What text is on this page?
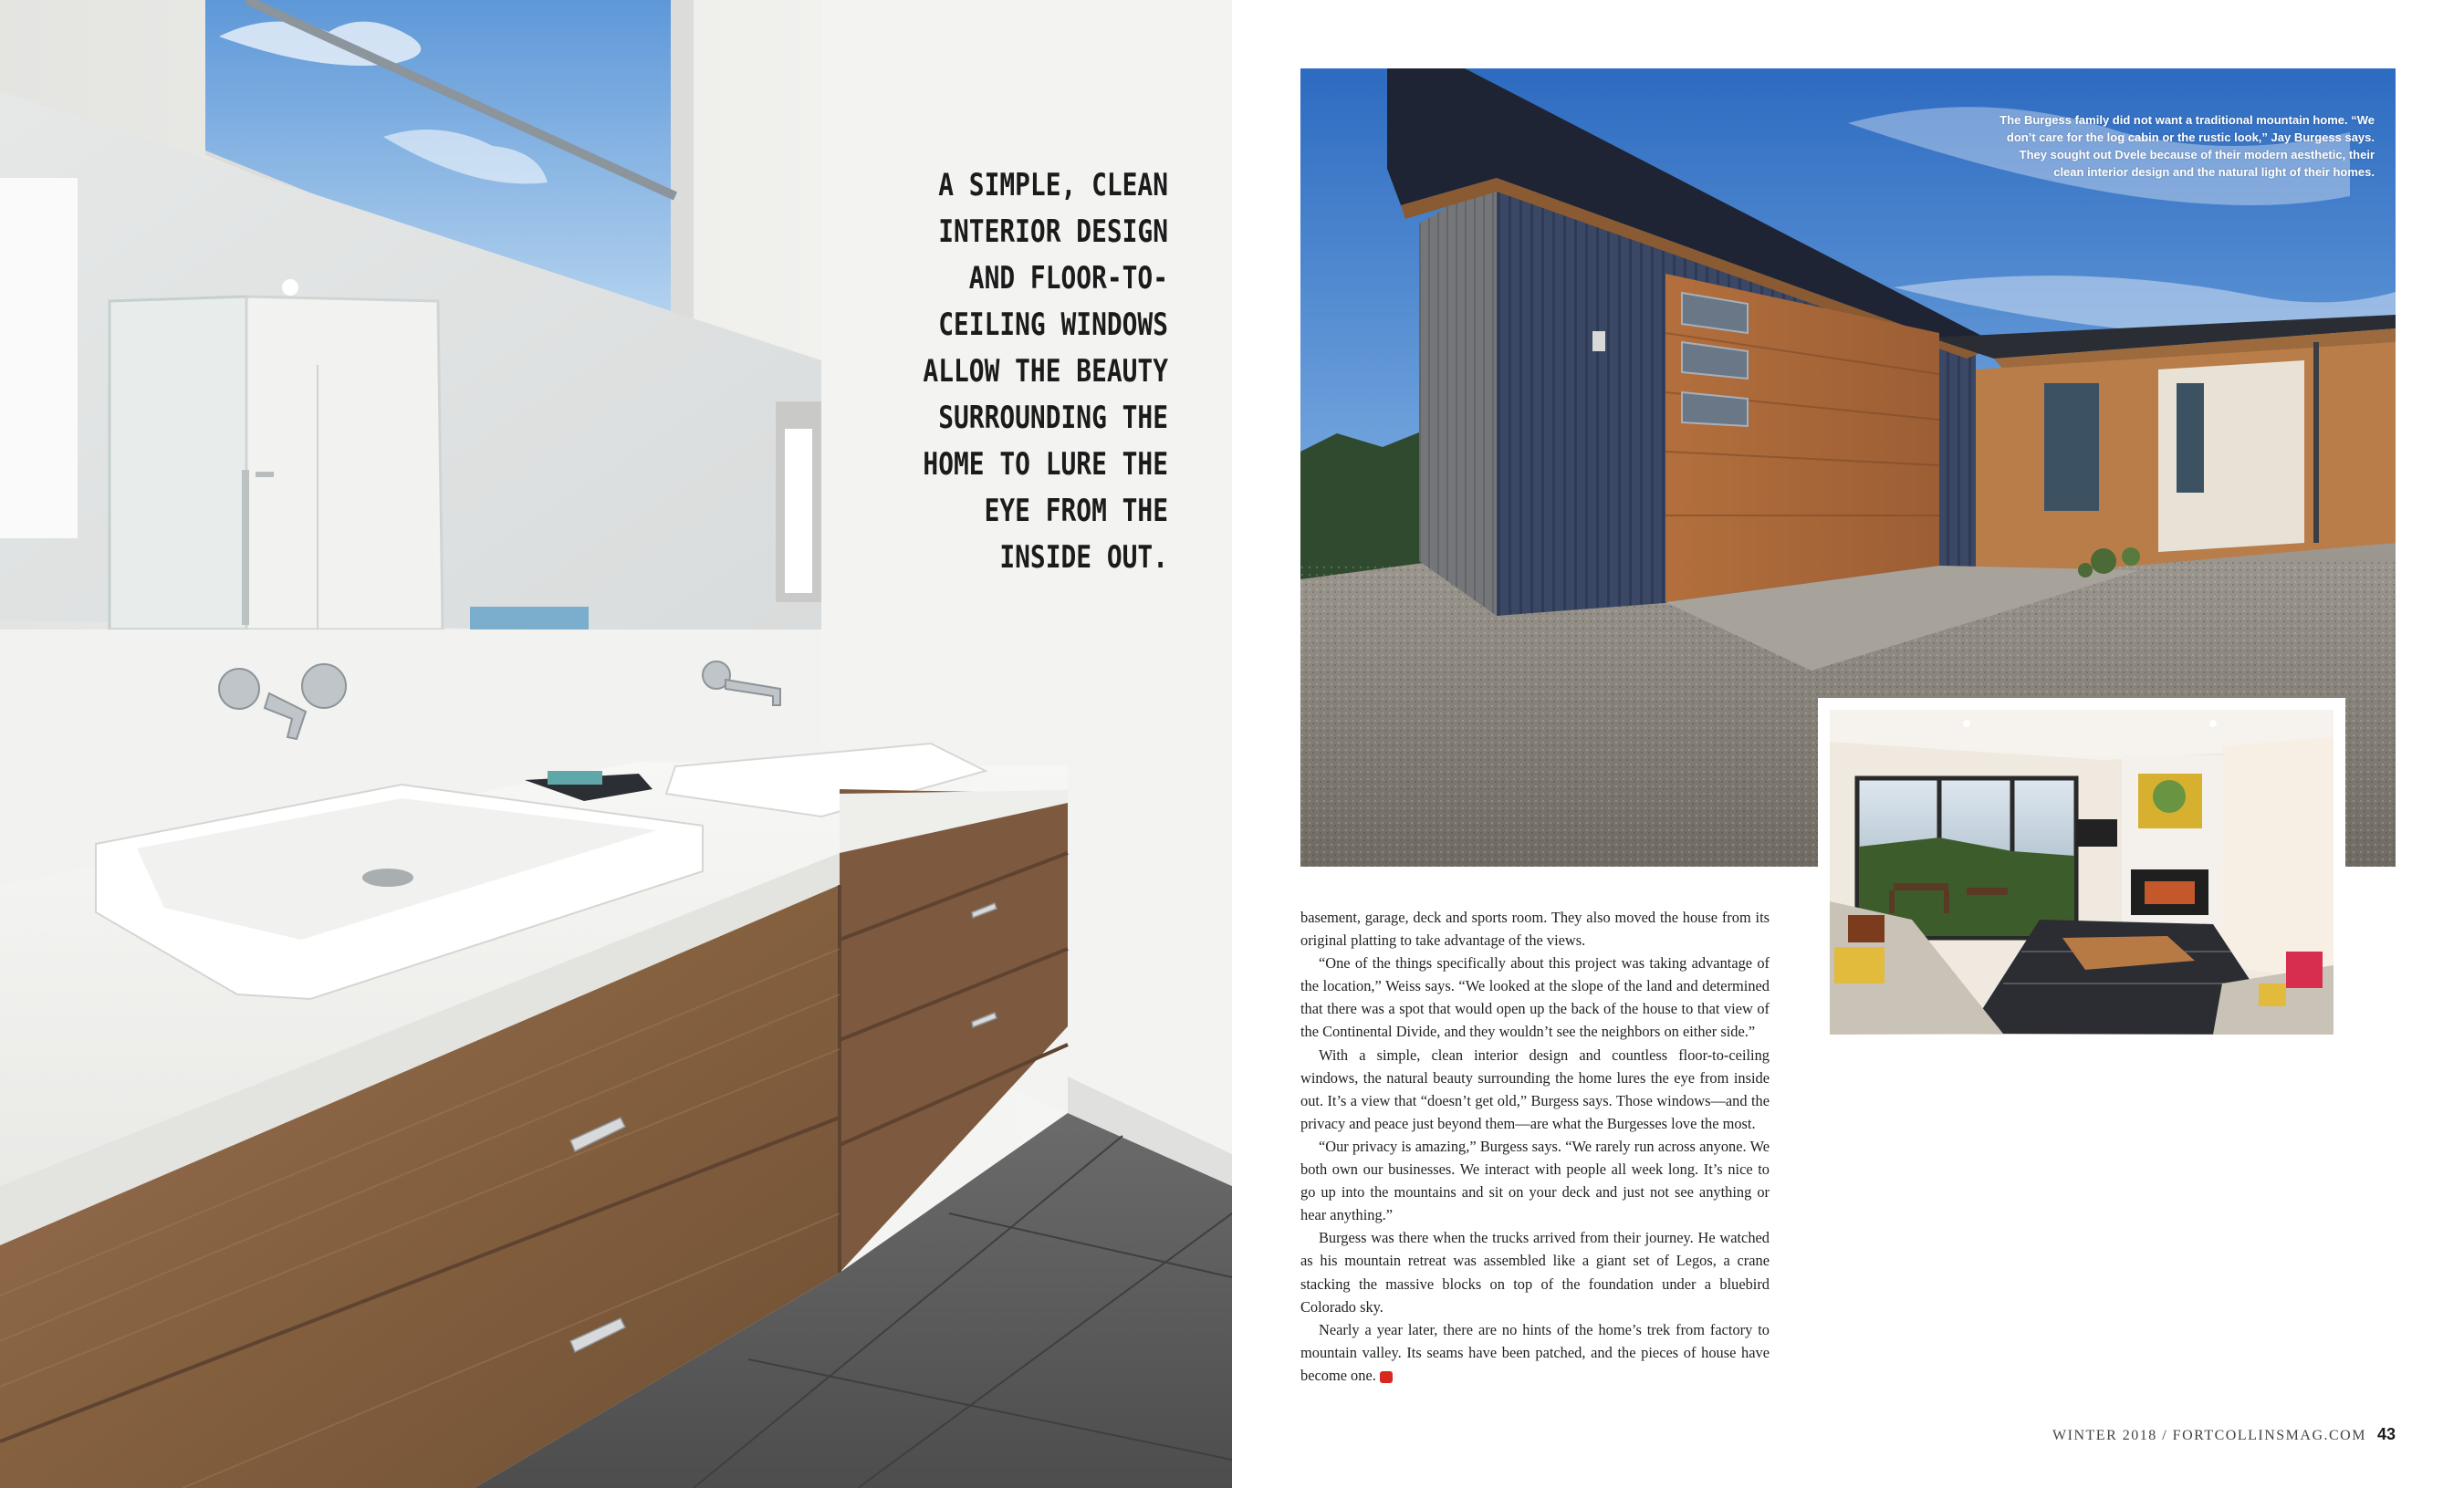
A SIMPLE, CLEAN INTERIOR DESIGN AND FLOOR-TO-CEILING WINDOWS ALLOW THE BEAUTY SURROUNDING THE HOME TO LURE THE EYE FROM THE INSIDE OUT.
The Burgess family did not want a traditional mountain home. “We don’t care for the log cabin or the rustic look,” Jay Burgess says. They sought out Dvele because of their modern aesthetic, their clean interior design and the natural light of their homes.

basement, garage, deck and sports room. They also moved the house from its original platting to take advantage of the views.

“One of the things specifically about this project was taking advantage of the location,” Weiss says. “We looked at the slope of the land and determined that there was a spot that would open up the back of the house to that view of the Continental Divide, and they wouldn’t see the neighbors on either side.”

With a simple, clean interior design and countless floor-to-ceiling windows, the natural beauty surrounding the home lures the eye from inside out. It’s a view that “doesn’t get old,” Burgess says. Those windows—and the privacy and peace just beyond them—are what the Burgesses love the most.

“Our privacy is amazing,” Burgess says. “We rarely run across anyone. We both own our businesses. We interact with people all week long. It’s nice to go up into the mountains and sit on your deck and just not see anything or hear anything.”

Burgess was there when the trucks arrived from their journey. He watched as his mountain retreat was assembled like a giant set of Legos, a crane stacking the massive blocks on top of the foundation under a bluebird Colorado sky.

Nearly a year later, there are no hints of the home’s trek from factory to mountain valley. Its seams have been patched, and the pieces of house have become one.	FC

WINTER 2018 / FORTCOLLINSMAG.COM 43
